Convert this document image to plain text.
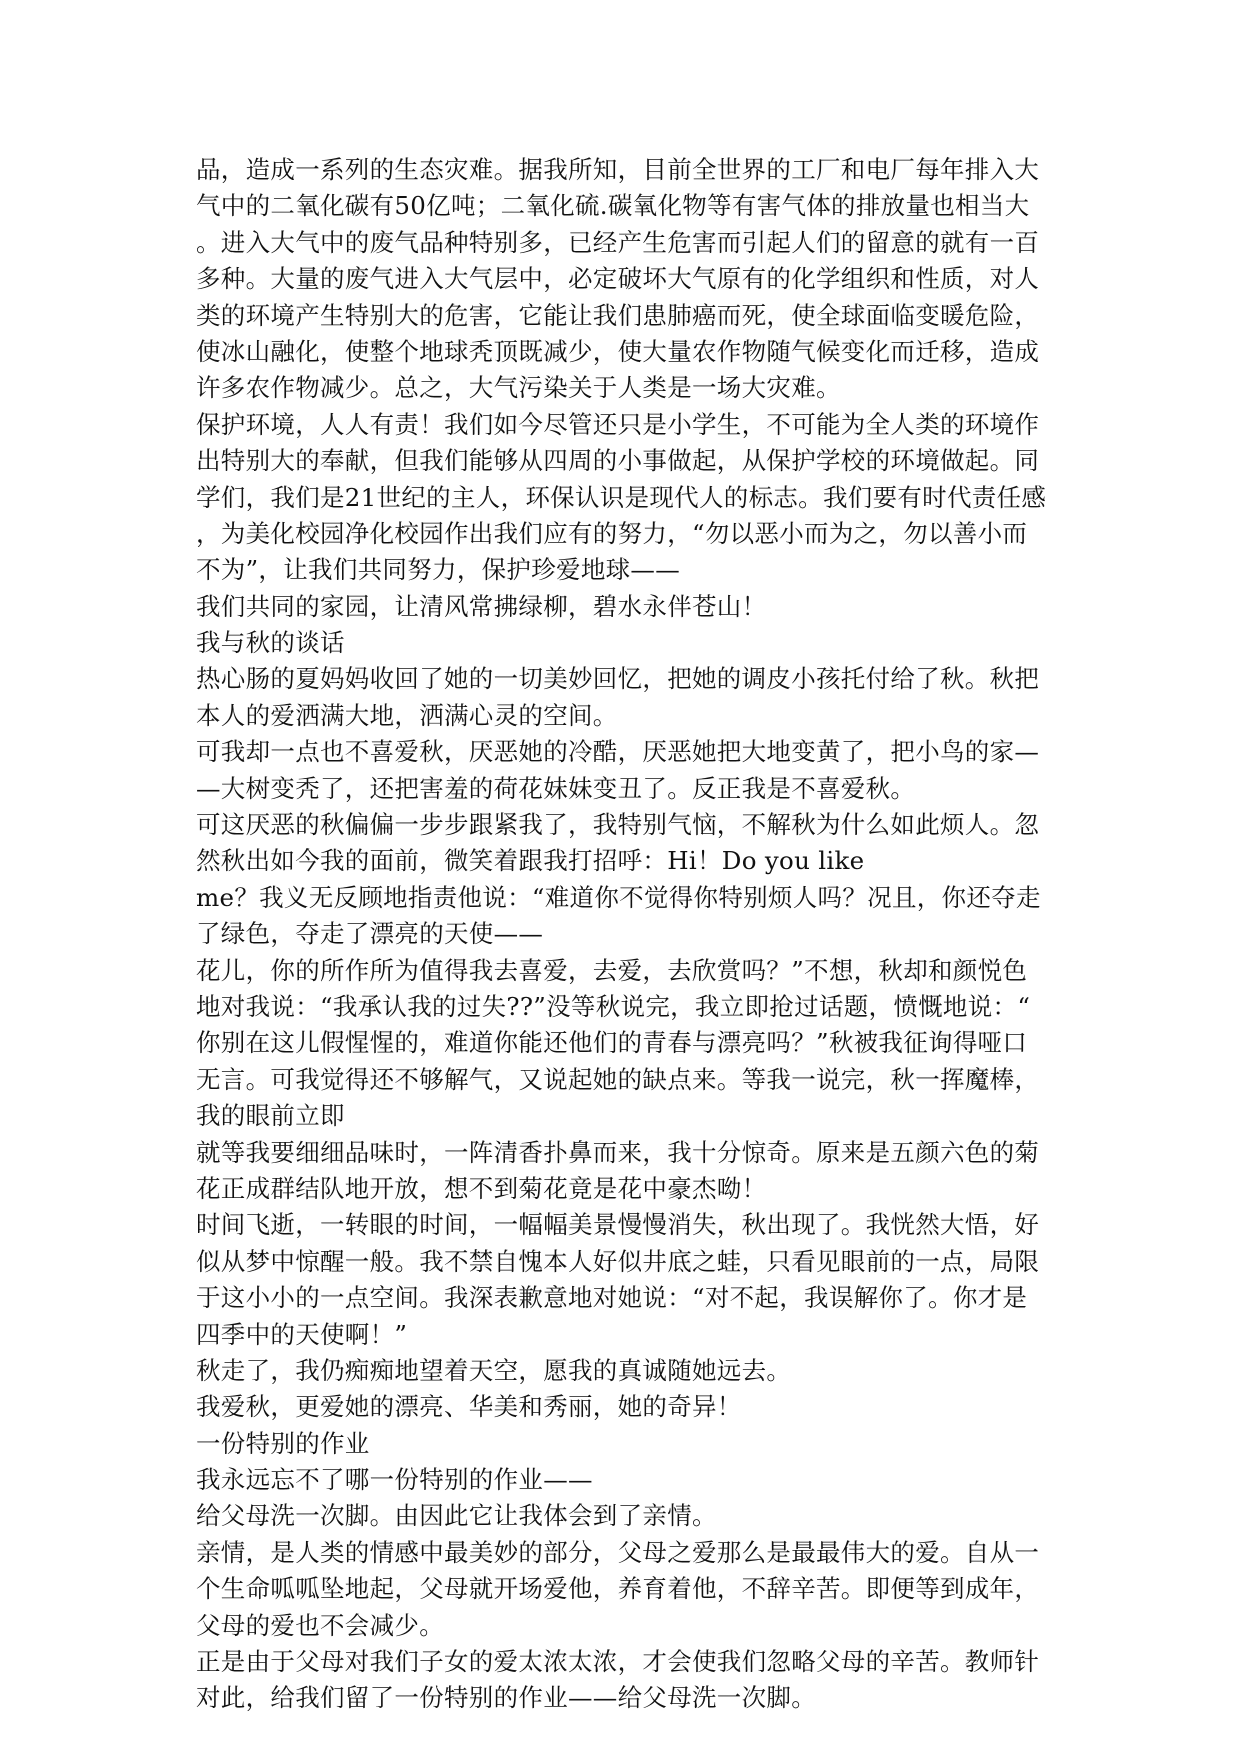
品，造成一系列的生态灾难。据我所知，目前全世界的工厂和电厂每年排入大
气中的二氧化碳有50亿吨；二氧化硫.碳氧化物等有害气体的排放量也相当大
。进入大气中的废气品种特别多，已经产生危害而引起人们的留意的就有一百
多种。大量的废气进入大气层中，必定破坏大气原有的化学组织和性质，对人
类的环境产生特别大的危害，它能让我们患肺癌而死，使全球面临变暖危险，
使冰山融化，使整个地球秃顶既减少，使大量农作物随气候变化而迁移，造成
许多农作物减少。总之，大气污染关于人类是一场大灾难。
保护环境，人人有责！我们如今尽管还只是小学生，不可能为全人类的环境作
出特别大的奉献，但我们能够从四周的小事做起，从保护学校的环境做起。同
学们，我们是21世纪的主人，环保认识是现代人的标志。我们要有时代责任感
，为美化校园净化校园作出我们应有的努力，“勿以恶小而为之，勿以善小而
不为”，让我们共同努力，保护珍爱地球——
我们共同的家园，让清风常拂绿柳，碧水永伴苍山！
我与秋的谈话
热心肠的夏妈妈收回了她的一切美妙回忆，把她的调皮小孩托付给了秋。秋把
本人的爱洒满大地，洒满心灵的空间。
可我却一点也不喜爱秋，厌恶她的冷酷，厌恶她把大地变黄了，把小鸟的家—
—大树变秃了，还把害羞的荷花妹妹变丑了。反正我是不喜爱秋。
可这厌恶的秋偏偏一步步跟紧我了，我特别气恼，不解秋为什么如此烦人。忽
然秋出如今我的面前，微笑着跟我打招呼：Hi！Do you like
me？我义无反顾地指责他说：“难道你不觉得你特别烦人吗？况且，你还夺走
了绿色，夺走了漂亮的天使——
花儿，你的所作所为值得我去喜爱，去爱，去欣赏吗？”不想，秋却和颜悦色
地对我说：“我承认我的过失??”没等秋说完，我立即抢过话题，愤慨地说：“
你别在这儿假惺惺的，难道你能还他们的青春与漂亮吗？”秋被我征询得哑口
无言。可我觉得还不够解气，又说起她的缺点来。等我一说完，秋一挥魔棒，
我的眼前立即
就等我要细细品味时，一阵清香扑鼻而来，我十分惊奇。原来是五颜六色的菊
花正成群结队地开放，想不到菊花竟是花中豪杰呦！
时间飞逝，一转眼的时间，一幅幅美景慢慢消失，秋出现了。我恍然大悟，好
似从梦中惊醒一般。我不禁自愧本人好似井底之蛙，只看见眼前的一点，局限
于这小小的一点空间。我深表歉意地对她说：“对不起，我误解你了。你才是
四季中的天使啊！”
秋走了，我仍痴痴地望着天空，愿我的真诚随她远去。
我爱秋，更爱她的漂亮、华美和秀丽，她的奇异！
一份特别的作业
我永远忘不了哪一份特别的作业——
给父母洗一次脚。由因此它让我体会到了亲情。
亲情，是人类的情感中最美妙的部分，父母之爱那么是最最伟大的爱。自从一
个生命呱呱坠地起，父母就开场爱他，养育着他，不辞辛苦。即便等到成年，
父母的爱也不会减少。
正是由于父母对我们子女的爱太浓太浓，才会使我们忽略父母的辛苦。教师针
对此，给我们留了一份特别的作业——给父母洗一次脚。
